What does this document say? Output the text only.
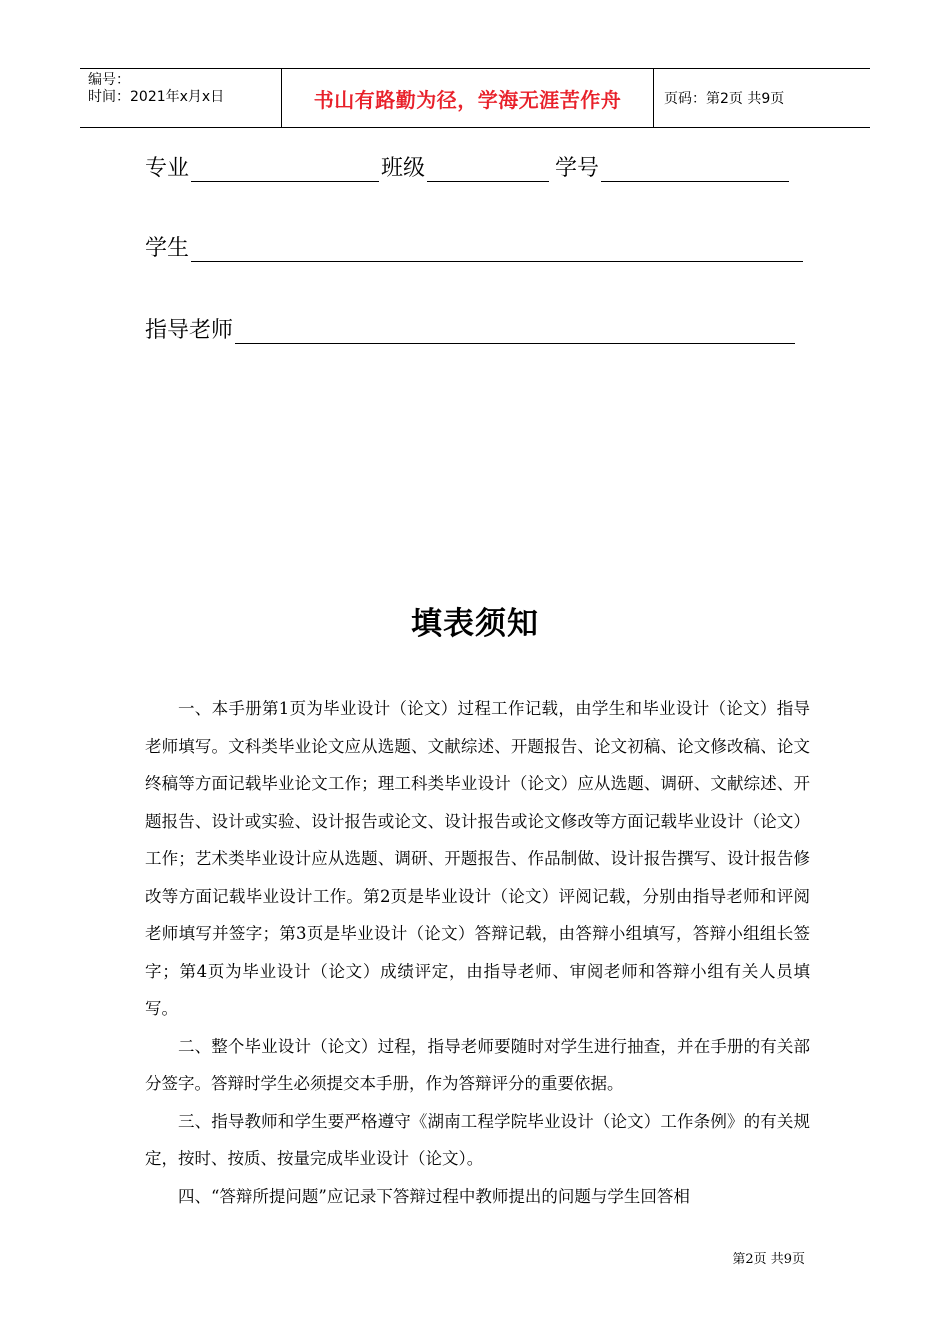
编号：
时间：2021年x月x日	书山有路勤为径，学海无涯苦作舟	页码：第2页 共9页
专业	班级	学号
学生
指导老师
填表须知

一、本手册第1页为毕业设计（论文）过程工作记载，由学生和毕业设计（论文）指导老师填写。文科类毕业论文应从选题、文献综述、开题报告、论文初稿、论文修改稿、论文终稿等方面记载毕业论文工作；理工科类毕业设计（论文）应从选题、调研、文献综述、开题报告、设计或实验、设计报告或论文、设计报告或论文修改等方面记载毕业设计（论文）工作；艺术类毕业设计应从选题、调研、开题报告、作品制做、设计报告撰写、设计报告修改等方面记载毕业设计工作。第2页是毕业设计（论文）评阅记载，分别由指导老师和评阅老师填写并签字；第3页是毕业设计（论文）答辩记载，由答辩小组填写，答辩小组组长签字；第4页为毕业设计（论文）成绩评定，由指导老师、审阅老师和答辩小组有关人员填写。

二、整个毕业设计（论文）过程，指导老师要随时对学生进行抽查，并在手册的有关部分签字。答辩时学生必须提交本手册，作为答辩评分的重要依据。

三、指导教师和学生要严格遵守《湖南工程学院毕业设计（论文）工作条例》的有关规定，按时、按质、按量完成毕业设计（论文）。

四、“答辩所提问题”应记录下答辩过程中教师提出的问题与学生回答相

第2页 共9页
